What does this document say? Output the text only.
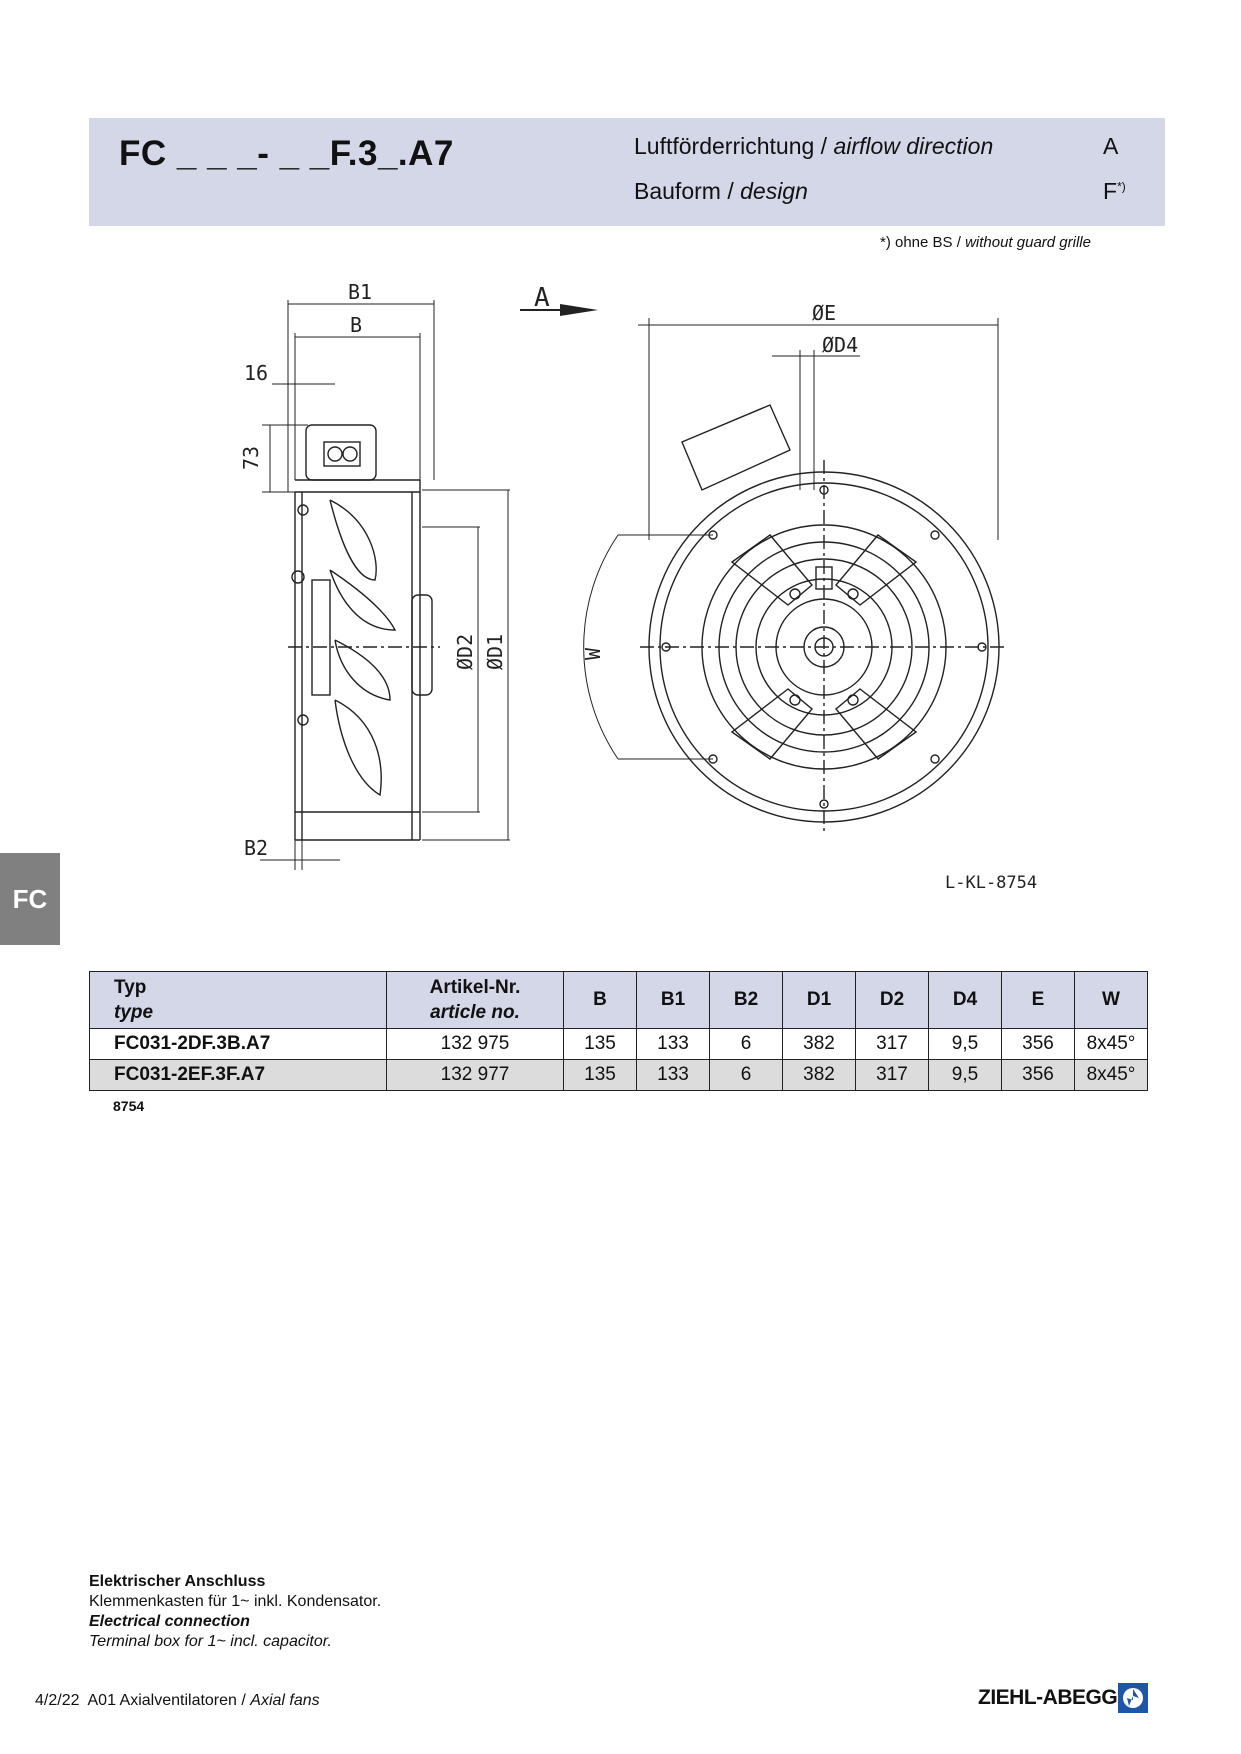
FC _ _ _- _ _F.3_.A7	Luftförderrichtung / airflow direction	A
Bauform / design	F*)
*) ohne BS / without guard grille
FC
B1
B
16
73
B2
ØD2 ØD1
A	ØE
ØD4
W
L-KL-8754
Typ
type	Artikel-Nr.
article no.	B	B1	B2	D1	D2	D4	E	W
FC031-2DF.3B.A7	132 975	135	133	6	382	317	9,5	356	8x45°
FC031-2EF.3F.A7	132 977	135	133	6	382	317	9,5	356	8x45°
8754
Elektrischer Anschluss
Klemmenkasten für 1~ inkl. Kondensator.
Electrical connection
Terminal box for 1~ incl. capacitor.
4/2/22 A01 Axialventilatoren / Axial fans	ZIEHL-ABEGG
